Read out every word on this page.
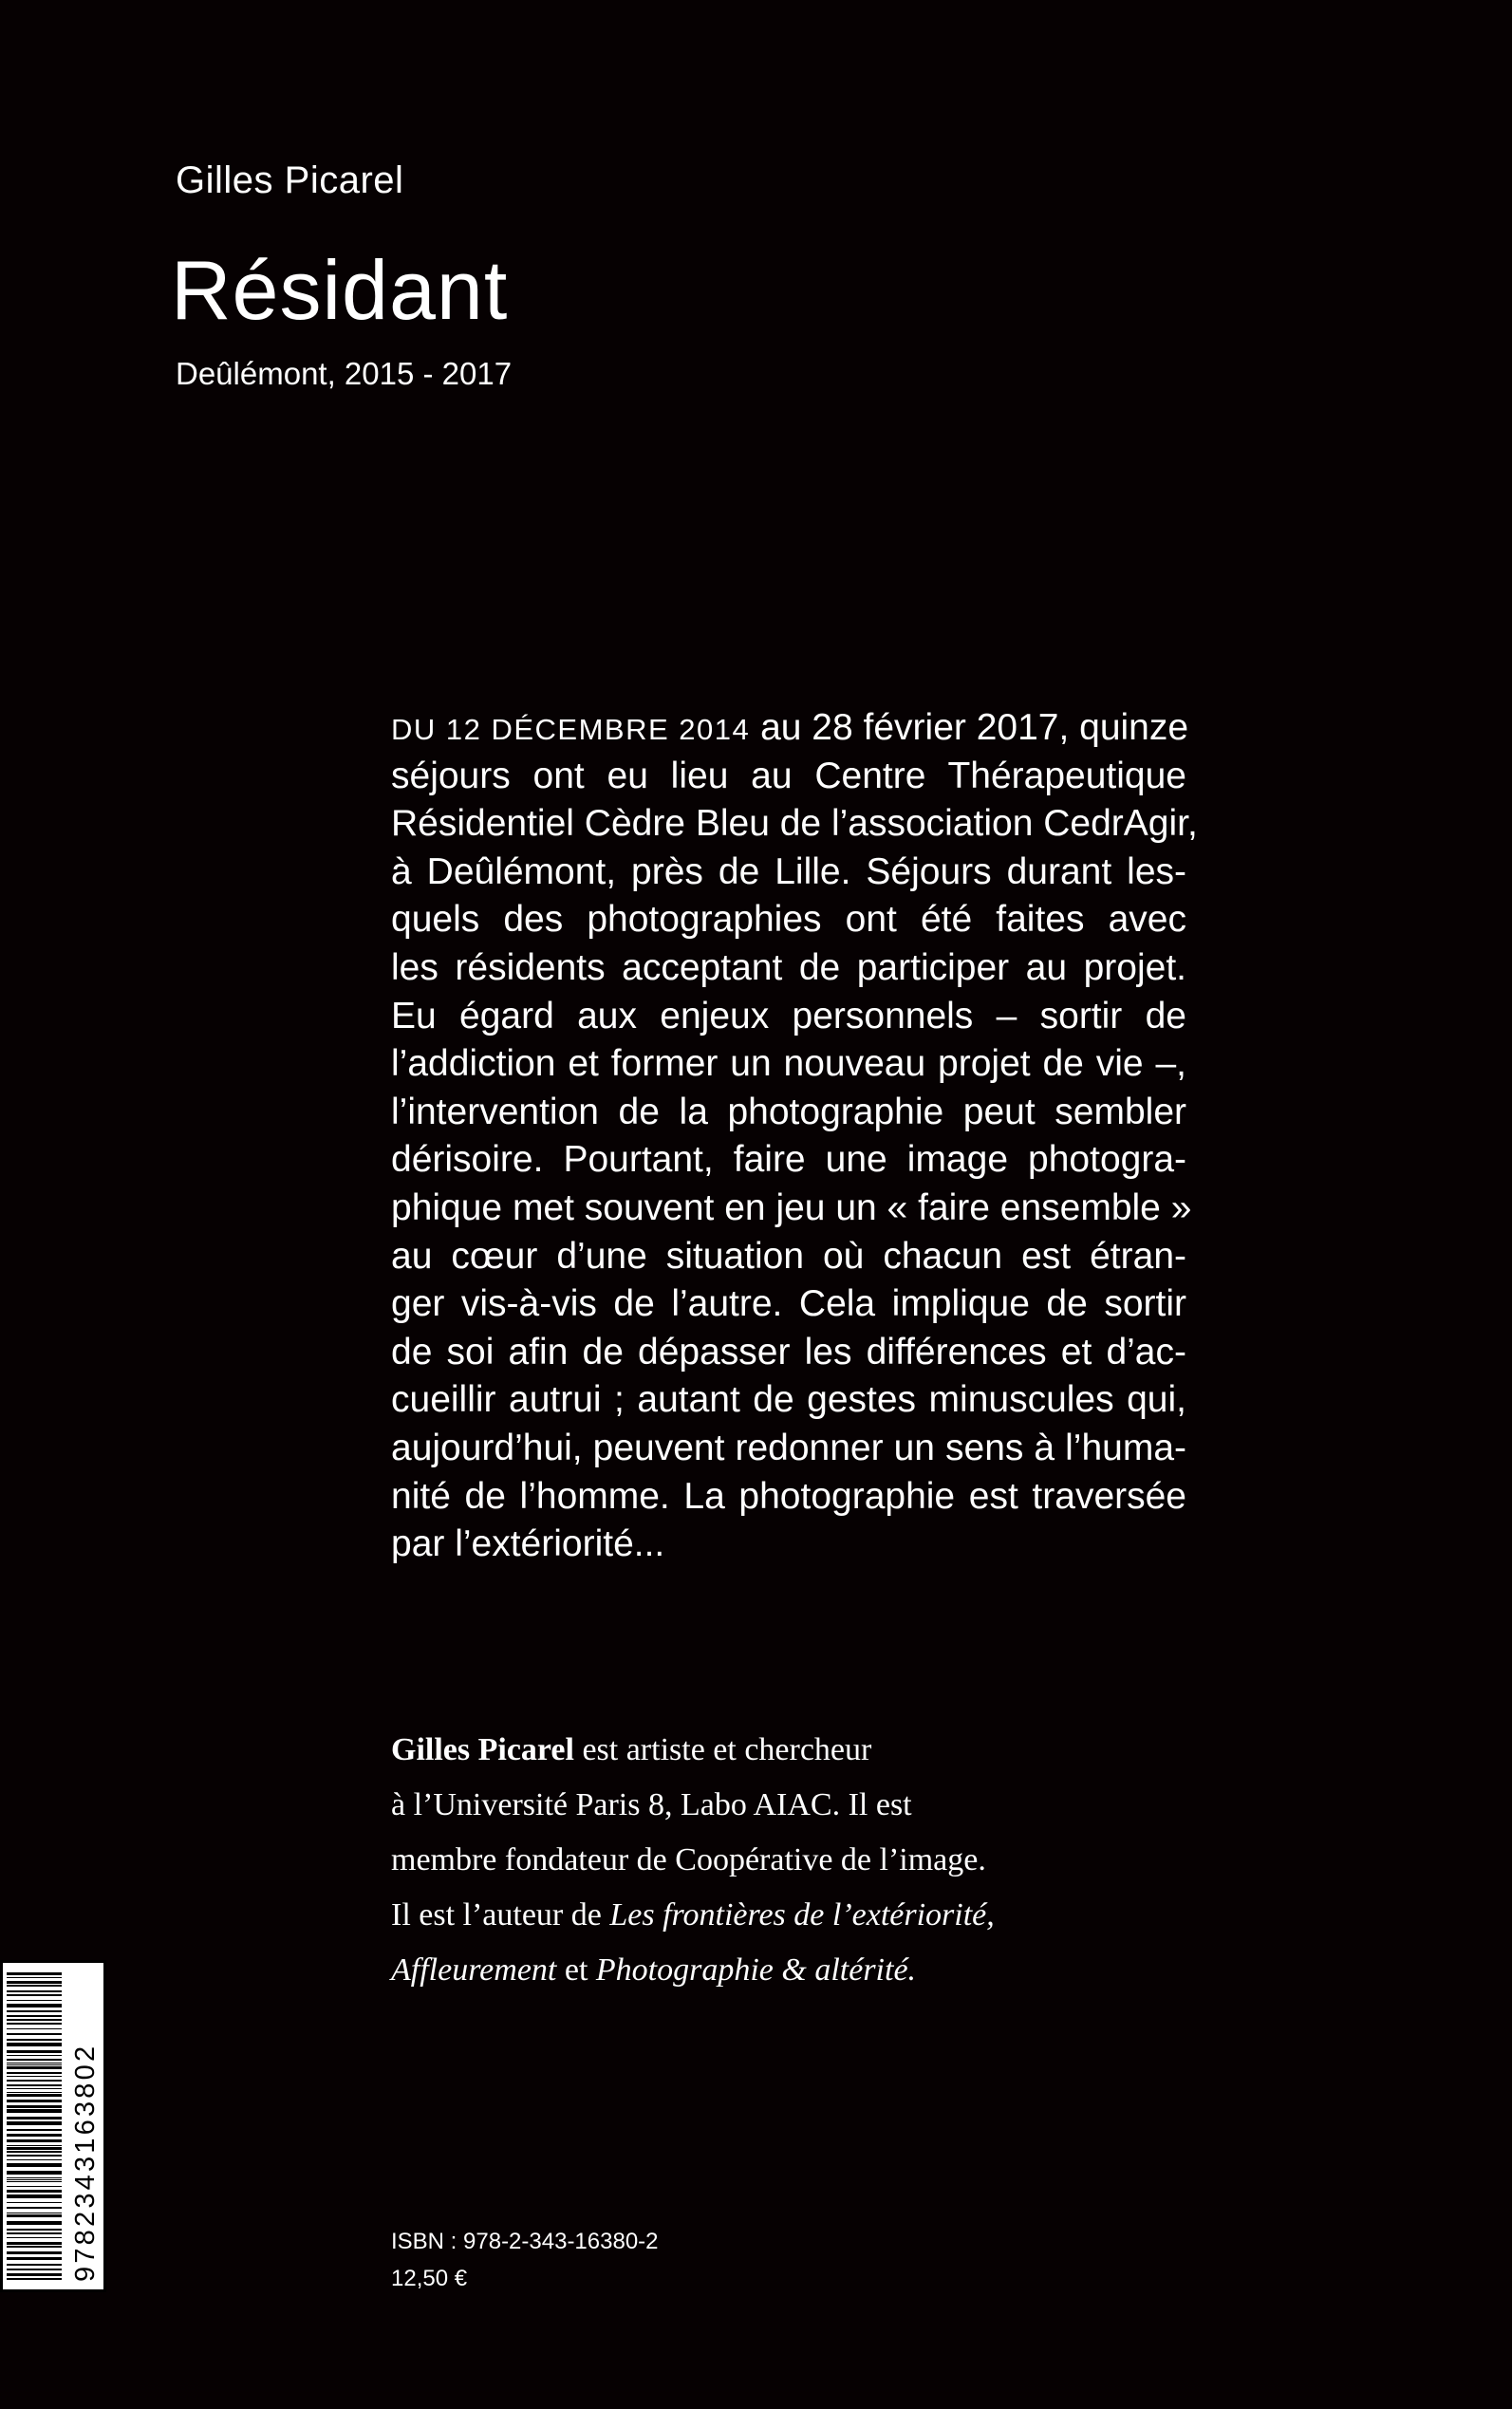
Gilles Picarel
Résidant
Deûlémont, 2015 - 2017
DU 12 DÉCEMBRE 2014 au 28 février 2017, quinze
séjours ont eu lieu au Centre Thérapeutique
Résidentiel Cèdre Bleu de l’association CedrAgir,
à Deûlémont, près de Lille. Séjours durant les-
quels des photographies ont été faites avec
les résidents acceptant de participer au projet.
Eu égard aux enjeux personnels – sortir de
l’addiction et former un nouveau projet de vie –,
l’intervention de la photographie peut sembler
dérisoire. Pourtant, faire une image photogra-
phique met souvent en jeu un « faire ensemble »
au cœur d’une situation où chacun est étran-
ger vis-à-vis de l’autre. Cela implique de sortir
de soi afin de dépasser les différences et d’ac-
cueillir autrui ; autant de gestes minuscules qui,
aujourd’hui, peuvent redonner un sens à l’huma-
nité de l’homme. La photographie est traversée
par l’extériorité...
Gilles Picarel est artiste et chercheur
à l’Université Paris 8, Labo AIAC. Il est
membre fondateur de Coopérative de l’image.
Il est l’auteur de Les frontières de l’extériorité,
Affleurement et Photographie & altérité.
9782343163802	ISBN : 978-2-343-16380-2
12,50 €
